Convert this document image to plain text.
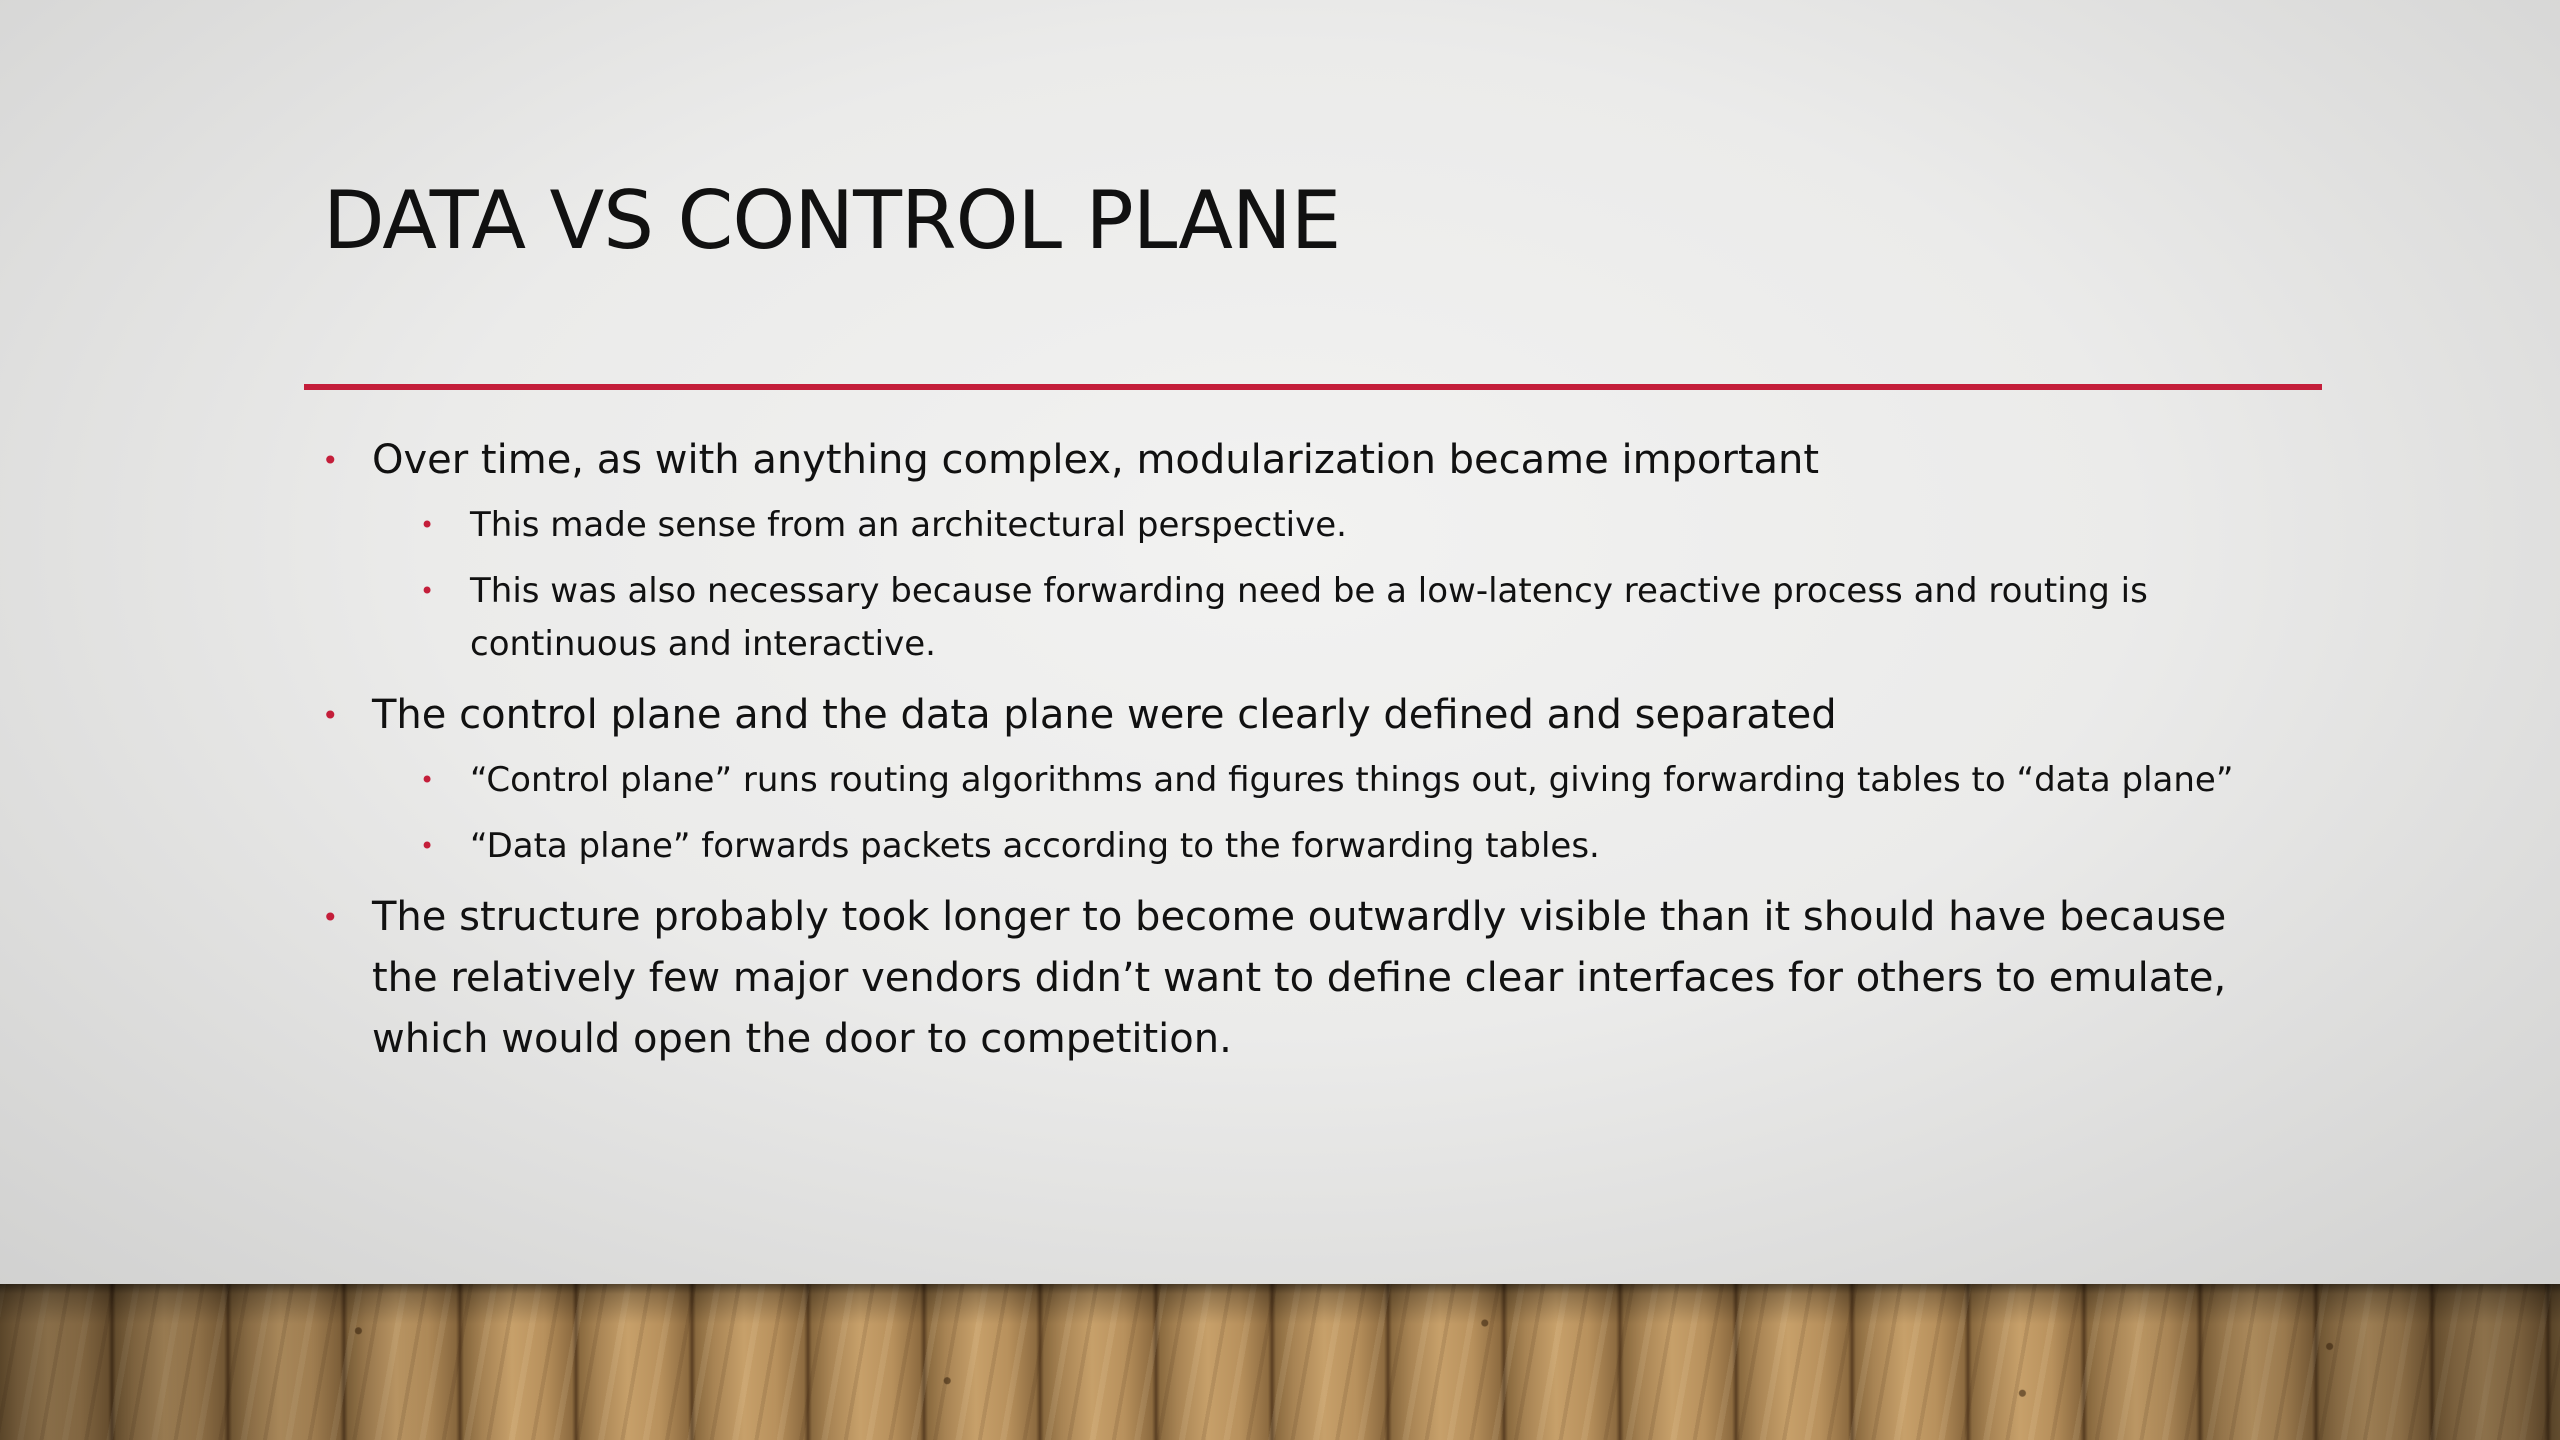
DATA VS CONTROL PLANE
• Over time, as with anything complex, modularization became important
• This made sense from an architectural perspective.
• This was also necessary because forwarding need be a low-latency reactive process and routing is continuous and interactive.
• The control plane and the data plane were clearly defined and separated
• “Control plane” runs routing algorithms and figures things out, giving forwarding tables to “data plane”
• “Data plane” forwards packets according to the forwarding tables.
• The structure probably took longer to become outwardly visible than it should have because the relatively few major vendors didn’t want to define clear interfaces for others to emulate, which would open the door to competition.
